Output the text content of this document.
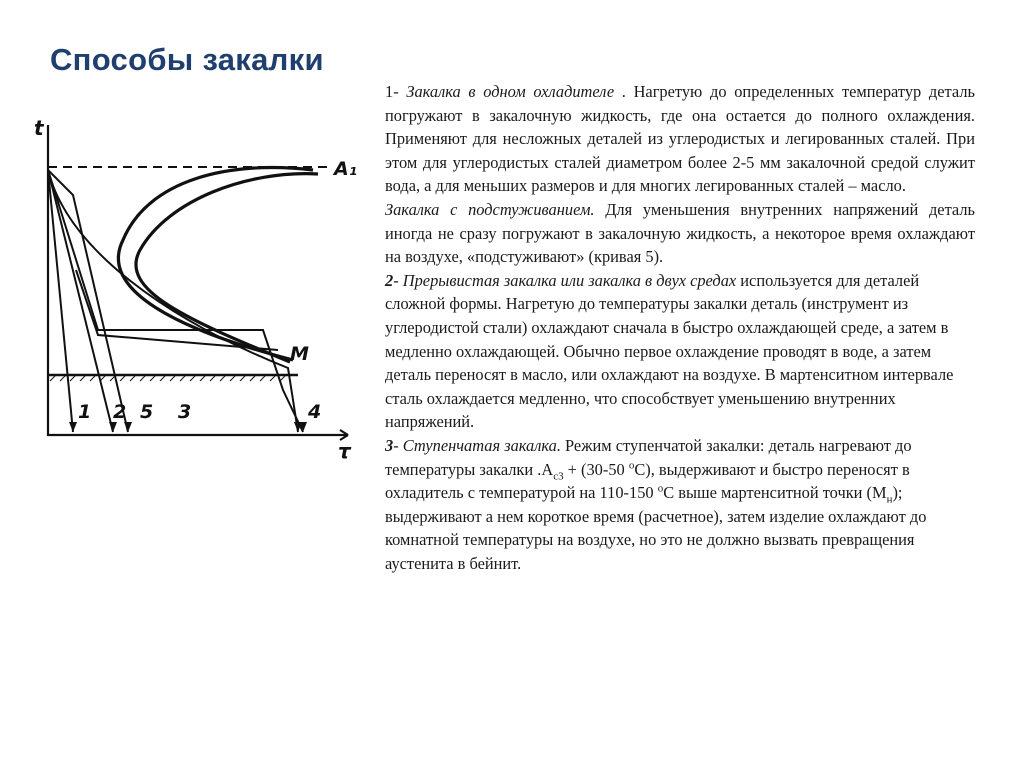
Способы закалки
t
τ
A₁
M
1 2 5 3	4

1- Закалка в одном охладителе . Нагретую до определенных температур деталь погружают в закалочную жидкость, где она остается до полного охлаждения. Применяют для несложных деталей из углеродистых и легированных сталей. При этом для углеродистых сталей диаметром более 2-5 мм закалочной средой служит вода, а для меньших размеров и для многих легированных сталей – масло.

Закалка с подстуживанием. Для уменьшения внутренних напряжений деталь иногда не сразу погружают в закалочную жидкость, а некоторое время охлаждают на воздухе, «подстуживают» (кривая 5).

2- Прерывистая закалка или закалка в двух средах используется для деталей сложной формы. Нагретую до температуры закалки деталь (инструмент из углеродистой стали) охлаждают сначала в быстро охлаждающей среде, а затем в медленно охлаждающей. Обычно первое охлаждение проводят в воде, а затем деталь переносят в масло, или охлаждают на воздухе. В мартенситном интервале сталь охлаждается медленно, что способствует уменьшению внутренних напряжений.

3- Ступенчатая закалка. Режим ступенчатой закалки: деталь нагревают до температуры закалки $.А_{c3} + (30-50$ $^о$С), выдерживают и быстро переносят в охладитель с температурой на 110-150 $^о$С выше мартенситной точки $(М_н)$; выдерживают а нем короткое время (расчетное), затем изделие охлаждают до комнатной температуры на воздухе, но это не должно вызвать превращения аустенита в бейнит.
